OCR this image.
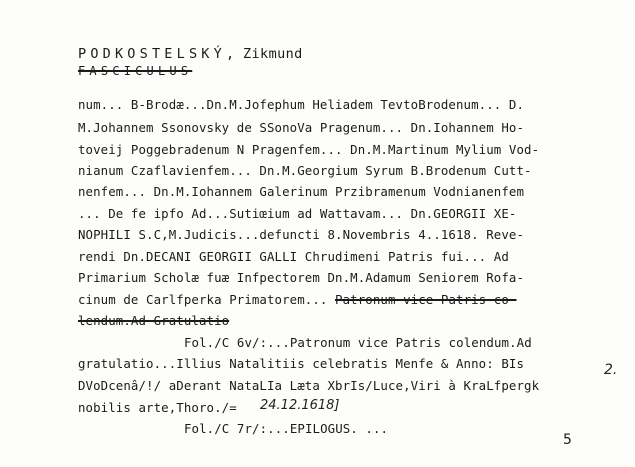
PODKOSTELSKÝ, Zikmund
FASCICULUS
num... B-Brodæ...Dn.M.Jofephum Heliadem TevtoBrodenum... D.
M.Johannem Ssonovsky de SSonoVa Pragenum... Dn.Iohannem Ho-
toveij Poggebradenum N Pragenfem... Dn.M.Martinum Mylium Vod-
nianum Czaflavienfem... Dn.M.Georgium Syrum B.Brodenum Cutt-
nenfem... Dn.M.Iohannem Galerinum Przibramenum Vodnianenfem
... De fe ipfo Ad...Sutiœium ad Wattavam... Dn.GEORGII XE-
NOPHILI S.C,M.Judicis...defuncti 8.Novembris 4..1618. Reve-
rendi Dn.DECANI GEORGII GALLI Chrudimeni Patris fui... Ad
Primarium Scholæ fuæ Infpectorem Dn.M.Adamum Seniorem Rofa-
cinum de Carlfperka Primatorem... Patronum vice Patris co-
lendum.Ad Gratulatio
Fol./C 6v/:...Patronum vice Patris colendum.Ad
gratulatio...Illius Natalitiis celebratis Menfe & Anno: BIs
DVoDcenâ/!/ aDerant NataLIa Læta XbrIs/Luce,Viri à KraLfpergk
nobilis arte,Thoro./= 24.12.1618]
Fol./C 7r/:...EPILOGUS. ...
2.
5
